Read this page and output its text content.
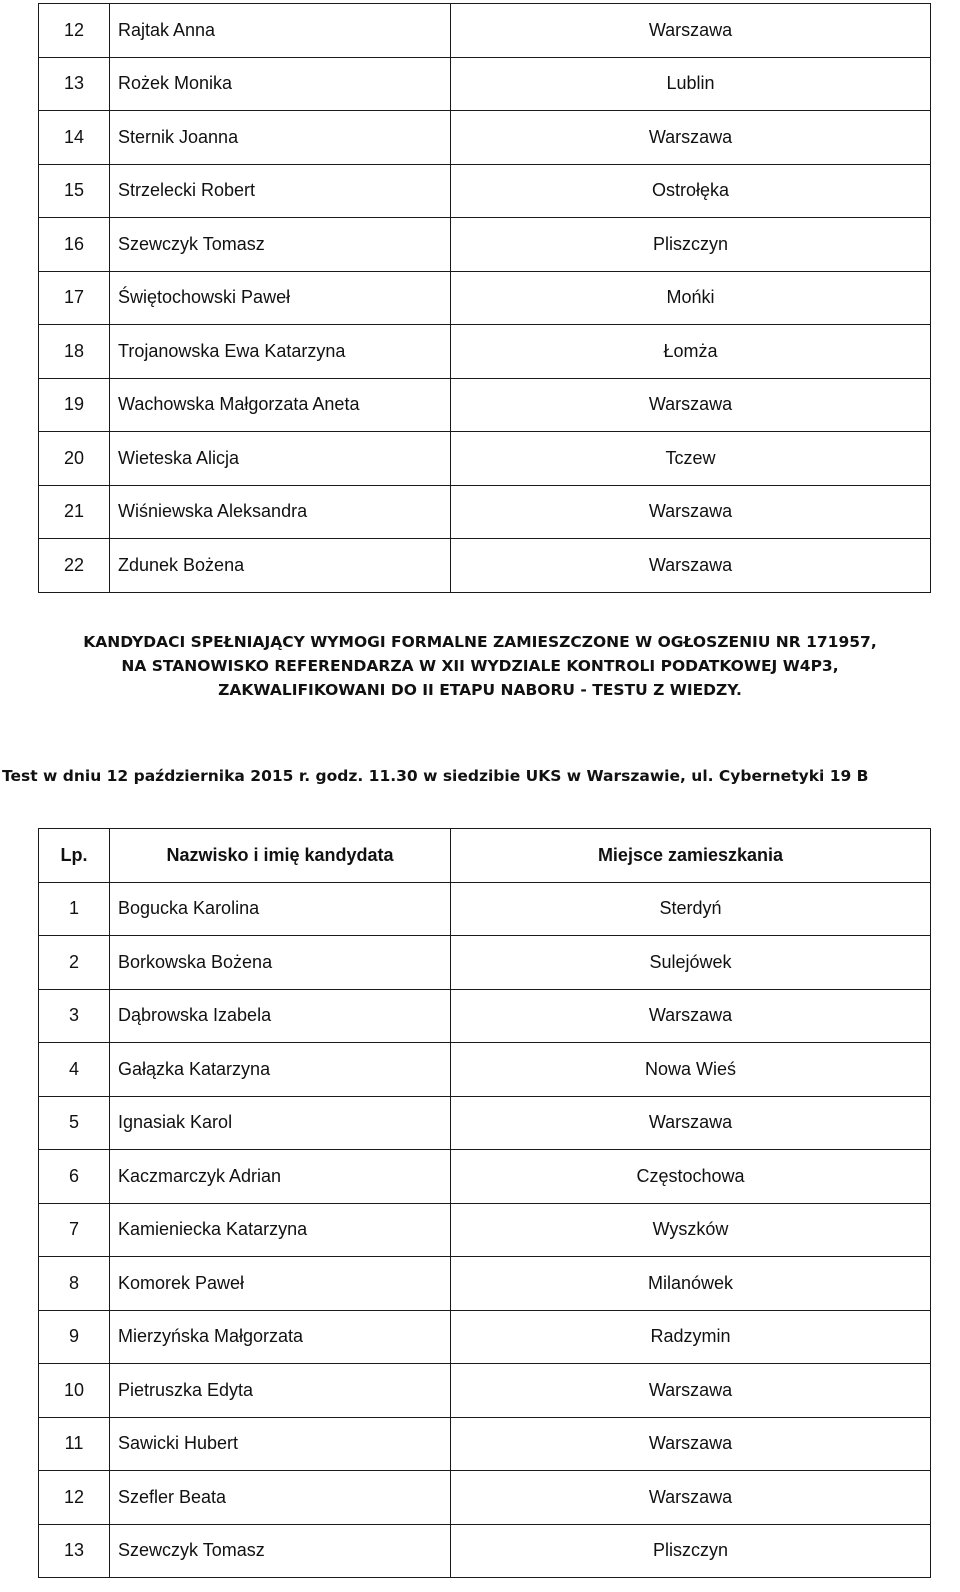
12	Rajtak Anna	Warszawa
13	Rożek Monika	Lublin
14	Sternik Joanna	Warszawa
15	Strzelecki Robert	Ostrołęka
16	Szewczyk Tomasz	Pliszczyn
17	Świętochowski Paweł	Mońki
18	Trojanowska Ewa Katarzyna	Łomża
19	Wachowska Małgorzata Aneta	Warszawa
20	Wieteska Alicja	Tczew
21	Wiśniewska Aleksandra	Warszawa
22	Zdunek Bożena	Warszawa
KANDYDACI SPEŁNIAJĄCY WYMOGI FORMALNE ZAMIESZCZONE W OGŁOSZENIU NR 171957,
NA STANOWISKO REFERENDARZA W XII WYDZIALE KONTROLI PODATKOWEJ W4P3,
ZAKWALIFIKOWANI DO II ETAPU NABORU - TESTU Z WIEDZY.
Test w dniu 12 października 2015 r. godz. 11.30 w siedzibie UKS w Warszawie, ul. Cybernetyki 19 B
Lp.	Nazwisko i imię kandydata	Miejsce zamieszkania
1	Bogucka Karolina	Sterdyń
2	Borkowska Bożena	Sulejówek
3	Dąbrowska Izabela	Warszawa
4	Gałązka Katarzyna	Nowa Wieś
5	Ignasiak Karol	Warszawa
6	Kaczmarczyk Adrian	Częstochowa
7	Kamieniecka Katarzyna	Wyszków
8	Komorek Paweł	Milanówek
9	Mierzyńska Małgorzata	Radzymin
10	Pietruszka Edyta	Warszawa
11	Sawicki Hubert	Warszawa
12	Szefler Beata	Warszawa
13	Szewczyk Tomasz	Pliszczyn
